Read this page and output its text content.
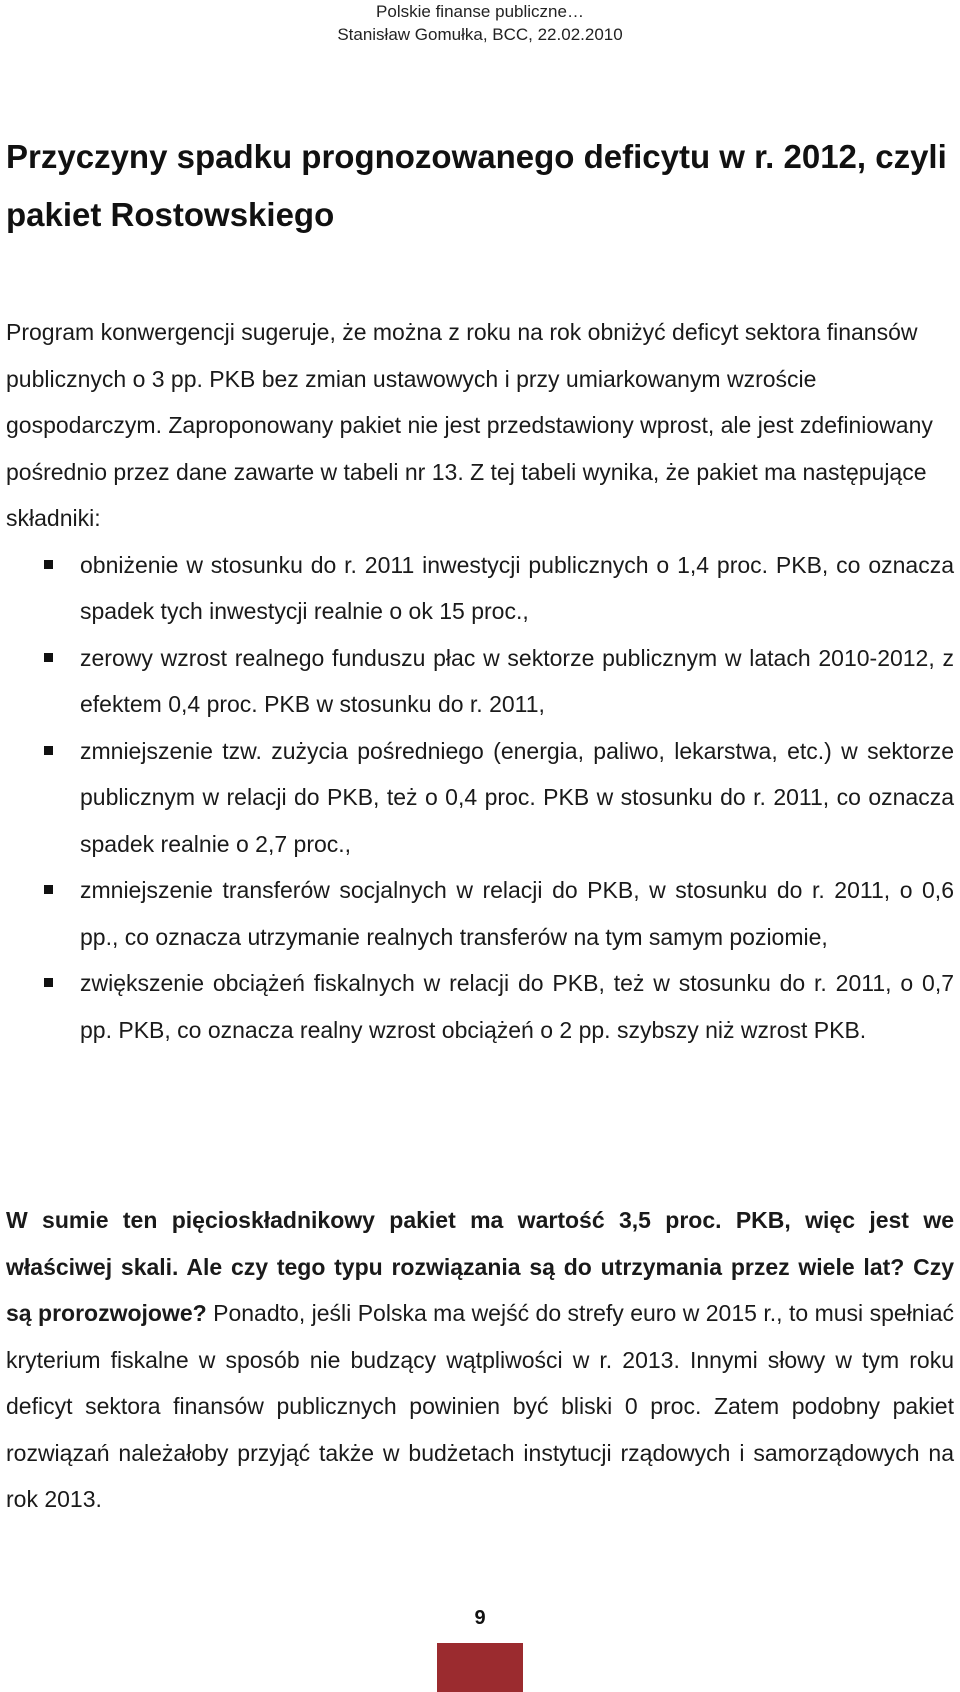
Polskie finanse publiczne…
Stanisław Gomułka, BCC, 22.02.2010
Przyczyny spadku prognozowanego deficytu w r. 2012, czyli pakiet Rostowskiego

Program konwergencji sugeruje, że można z roku na rok obniżyć deficyt sektora finansów publicznych o 3 pp. PKB bez zmian ustawowych i przy umiarkowanym wzroście gospodarczym. Zaproponowany pakiet nie jest przedstawiony wprost, ale jest zdefiniowany pośrednio przez dane zawarte w tabeli nr 13. Z tej tabeli wynika, że pakiet ma następujące składniki:

obniżenie w stosunku do r. 2011 inwestycji publicznych o 1,4 proc. PKB, co oznacza spadek tych inwestycji realnie o ok 15 proc.,
zerowy wzrost realnego funduszu płac w sektorze publicznym w latach 2010-2012, z efektem 0,4 proc. PKB w stosunku do r. 2011,
zmniejszenie tzw. zużycia pośredniego (energia, paliwo, lekarstwa, etc.) w sektorze publicznym w relacji do PKB, też o 0,4 proc. PKB w stosunku do r. 2011, co oznacza spadek realnie o 2,7 proc.,
zmniejszenie transferów socjalnych w relacji do PKB, w stosunku do r. 2011, o 0,6 pp., co oznacza utrzymanie realnych transferów na tym samym poziomie,
zwiększenie obciążeń fiskalnych w relacji do PKB, też w stosunku do r. 2011, o 0,7 pp. PKB, co oznacza realny wzrost obciążeń o 2 pp. szybszy niż wzrost PKB.

W sumie ten pięcioskładnikowy pakiet ma wartość 3,5 proc. PKB, więc jest we właściwej skali. Ale czy tego typu rozwiązania są do utrzymania przez wiele lat? Czy są prorozwojowe? Ponadto, jeśli Polska ma wejść do strefy euro w 2015 r., to musi spełniać kryterium fiskalne w sposób nie budzący wątpliwości w r. 2013. Innymi słowy w tym roku deficyt sektora finansów publicznych powinien być bliski 0 proc. Zatem podobny pakiet rozwiązań należałoby przyjąć także w budżetach instytucji rządowych i samorządowych na rok 2013.

9
